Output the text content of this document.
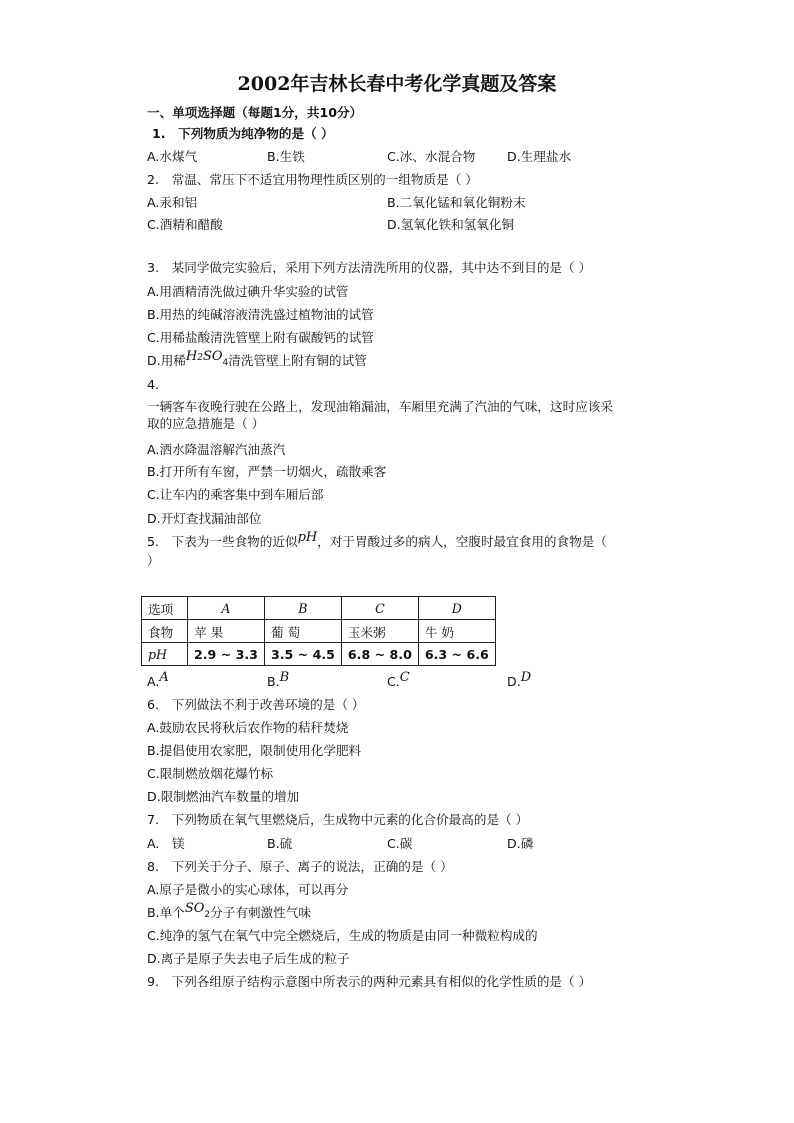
2002年吉林长春中考化学真题及答案
一、单项选择题（每题1分，共10分）
1.　下列物质为纯净物的是（ ）
A.水煤气	B.生铁	C.冰、水混合物	D.生理盐水
2.　常温、常压下不适宜用物理性质区别的一组物质是（ ）
A.汞和铝	B.二氧化锰和氧化铜粉末
C.酒精和醋酸	D.氢氧化铁和氢氧化铜
3.　某同学做完实验后，采用下列方法清洗所用的仪器，其中达不到目的是（ ）
A.用酒精清洗做过碘升华实验的试管
B.用热的纯碱溶液清洗盛过植物油的试管
C.用稀盐酸清洗管壁上附有碳酸钙的试管
D.用稀H2SO4清洗管壁上附有铜的试管
4.
一辆客车夜晚行驶在公路上，发现油箱漏油，车厢里充满了汽油的气味，这时应该采
取的应急措施是（ ）
A.洒水降温溶解汽油蒸汽
B.打开所有车窗，严禁一切烟火，疏散乘客
C.让车内的乘客集中到车厢后部
D.开灯查找漏油部位
5.　下表为一些食物的近似pH，对于胃酸过多的病人，空腹时最宜食用的食物是（
）
选项	A	B	C	D
食物	苹 果	葡 萄	玉米粥	牛 奶
pH	2.9 ~ 3.3	3.5 ~ 4.5	6.8 ~ 8.0	6.3 ~ 6.6
A.A	B.B	C.C	D.D
6.　下列做法不利于改善环境的是（ ）
A.鼓励农民将秋后农作物的秸秆焚烧
B.提倡使用农家肥，限制使用化学肥料
C.限制燃放烟花爆竹标
D.限制燃油汽车数量的增加
7.　下列物质在氧气里燃烧后，生成物中元素的化合价最高的是（ ）
A.　镁	B.硫	C.碳	D.磷
8.　下列关于分子、原子、离子的说法，正确的是（ ）
A.原子是微小的实心球体，可以再分
B.单个SO2分子有刺激性气味
C.纯净的氢气在氧气中完全燃烧后，生成的物质是由同一种微粒构成的
D.离子是原子失去电子后生成的粒子
9.　下列各组原子结构示意图中所表示的两种元素具有相似的化学性质的是（ ）
